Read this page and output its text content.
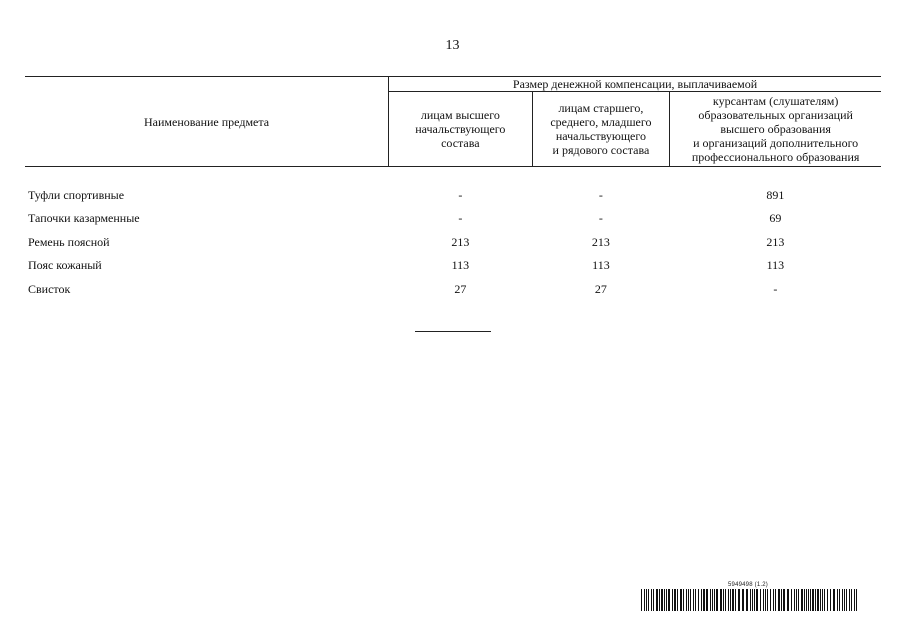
13
Наименование предмета	Размер денежной компенсации, выплачиваемой		
	лицам высшего
начальствующего
состава	лицам старшего,
среднего, младшего
начальствующего
и рядового состава	курсантам (слушателям)
образовательных организаций
высшего образования
и организаций дополнительного
профессионального образования

Туфли спортивные	-	-	891
Тапочки казарменные	-	-	69
Ремень поясной	213	213	213
Пояс кожаный	113	113	113
Свисток	27	27	-
5949498 (1.2)
